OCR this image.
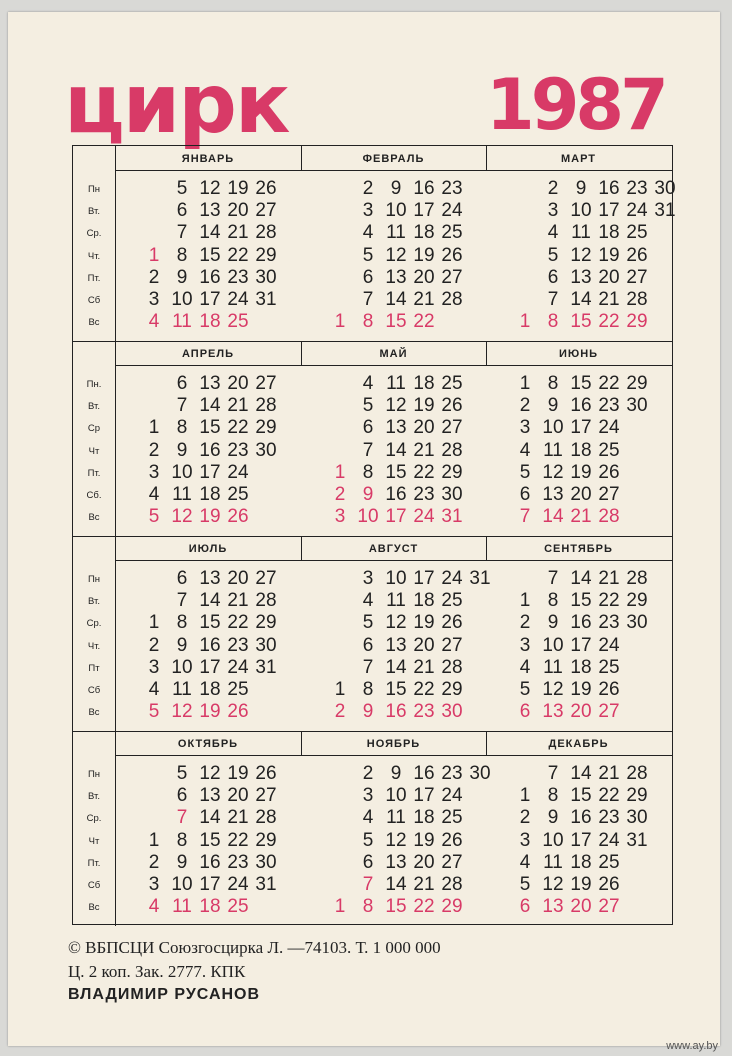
цирк	1987
Пн
Вт.
Ср.
Чт.
Пт.
Сб
Вс
ЯНВАРЬ
5 12 19 26
6 13 20 27
7 14 21 28
1 8 15 22 29
2 9 16 23 30
3 10 17 24 31
4 11 18 25
ФЕВРАЛЬ
2 9 16 23
3 10 17 24
4 11 18 25
5 12 19 26
6 13 20 27
7 14 21 28
1 8 15 22
МАРТ
2 9 16 23 30
3 10 17 24 31
4 11 18 25
5 12 19 26
6 13 20 27
7 14 21 28
1 8 15 22 29
Пн.
Вт.
Ср
Чт
Пт.
Сб.
Вс
АПРЕЛЬ
6 13 20 27
7 14 21 28
1 8 15 22 29
2 9 16 23 30
3 10 17 24
4 11 18 25
5 12 19 26
МАЙ
4 11 18 25
5 12 19 26
6 13 20 27
7 14 21 28
1 8 15 22 29
2 9 16 23 30
3 10 17 24 31
ИЮНЬ
1 8 15 22 29
2 9 16 23 30
3 10 17 24
4 11 18 25
5 12 19 26
6 13 20 27
7 14 21 28
Пн
Вт.
Ср.
Чт.
Пт
Сб
Вс
ИЮЛЬ
6 13 20 27
7 14 21 28
1 8 15 22 29
2 9 16 23 30
3 10 17 24 31
4 11 18 25
5 12 19 26
АВГУСТ
3 10 17 24 31
4 11 18 25
5 12 19 26
6 13 20 27
7 14 21 28
1 8 15 22 29
2 9 16 23 30
СЕНТЯБРЬ
7 14 21 28
1 8 15 22 29
2 9 16 23 30
3 10 17 24
4 11 18 25
5 12 19 26
6 13 20 27
Пн
Вт.
Ср.
Чт
Пт.
Сб
Вс
ОКТЯБРЬ
5 12 19 26
6 13 20 27
7 14 21 28
1 8 15 22 29
2 9 16 23 30
3 10 17 24 31
4 11 18 25
НОЯБРЬ
2 9 16 23 30
3 10 17 24
4 11 18 25
5 12 19 26
6 13 20 27
7 14 21 28
1 8 15 22 29
ДЕКАБРЬ
7 14 21 28
1 8 15 22 29
2 9 16 23 30
3 10 17 24 31
4 11 18 25
5 12 19 26
6 13 20 27
© ВБПСЦИ Союзгосцирка Л. —74103. Т. 1 000 000
Ц. 2 коп. Зак. 2777. КПК
ВЛАДИМИР РУСАНОВ
www.ay.by
